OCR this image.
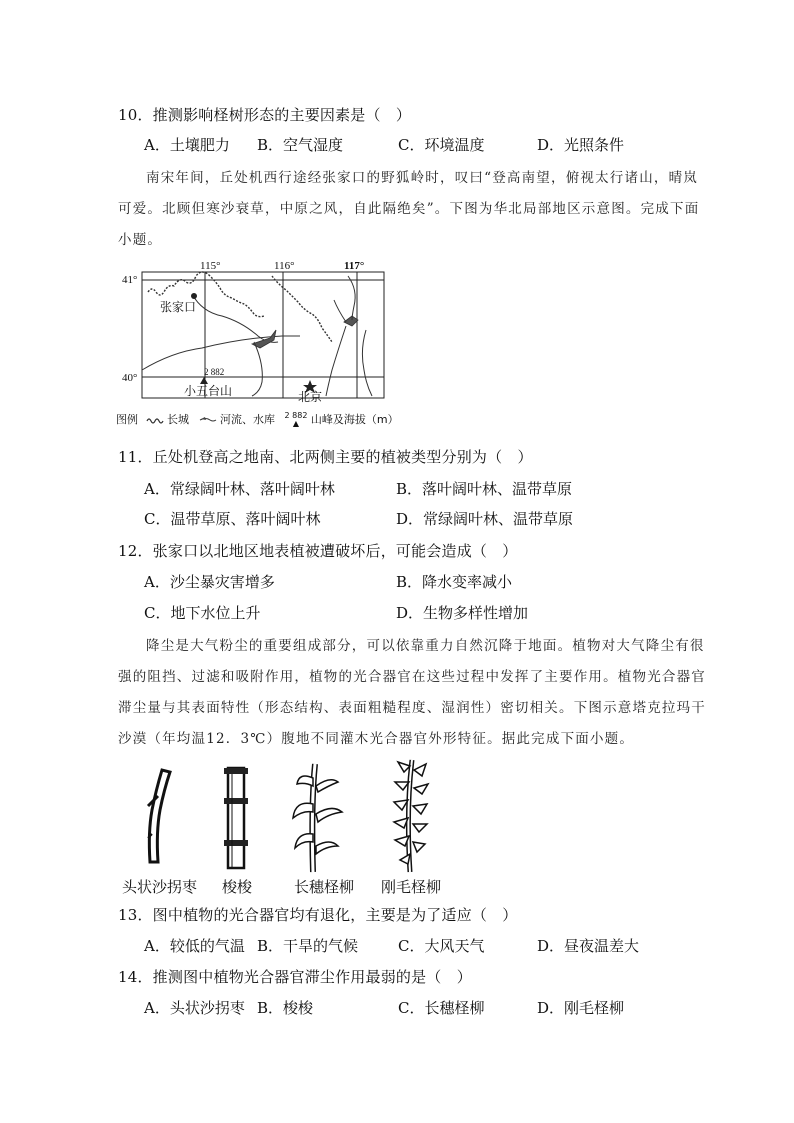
10．推测影响柽树形态的主要因素是（　）
A．土壤肥力 B．空气湿度	C．环境温度	D．光照条件
南宋年间，丘处机西行途经张家口的野狐岭时，叹曰“登高南望，俯视太行诸山，晴岚
可爱。北顾但寒沙衰草，中原之风，自此隔绝矣”。下图为华北局部地区示意图。完成下面
小题。
115°	116°	117°
41°
40°
张家口
2 882
小五台山	北京
图例	长城	河流、水库 2 882
▲	山峰及海拔（m）
11．丘处机登高之地南、北两侧主要的植被类型分别为（　）
A．常绿阔叶林、落叶阔叶林	B．落叶阔叶林、温带草原
C．温带草原、落叶阔叶林	D．常绿阔叶林、温带草原
12．张家口以北地区地表植被遭破坏后，可能会造成（　）
A．沙尘暴灾害增多	B．降水变率减小
C．地下水位上升	D．生物多样性增加
降尘是大气粉尘的重要组成部分，可以依靠重力自然沉降于地面。植物对大气降尘有很
强的阻挡、过滤和吸附作用，植物的光合器官在这些过程中发挥了主要作用。植物光合器官
滞尘量与其表面特性（形态结构、表面粗糙程度、湿润性）密切相关。下图示意塔克拉玛干
沙漠（年均温12．3℃）腹地不同灌木光合器官外形特征。据此完成下面小题。
头状沙拐枣 梭梭	长穗柽柳 刚毛柽柳
13．图中植物的光合器官均有退化，主要是为了适应（　）
A．较低的气温 B．干旱的气候	C．大风天气	D．昼夜温差大
14．推测图中植物光合器官滞尘作用最弱的是（　）
A．头状沙拐枣 B．梭梭	C．长穗柽柳	D．刚毛柽柳
